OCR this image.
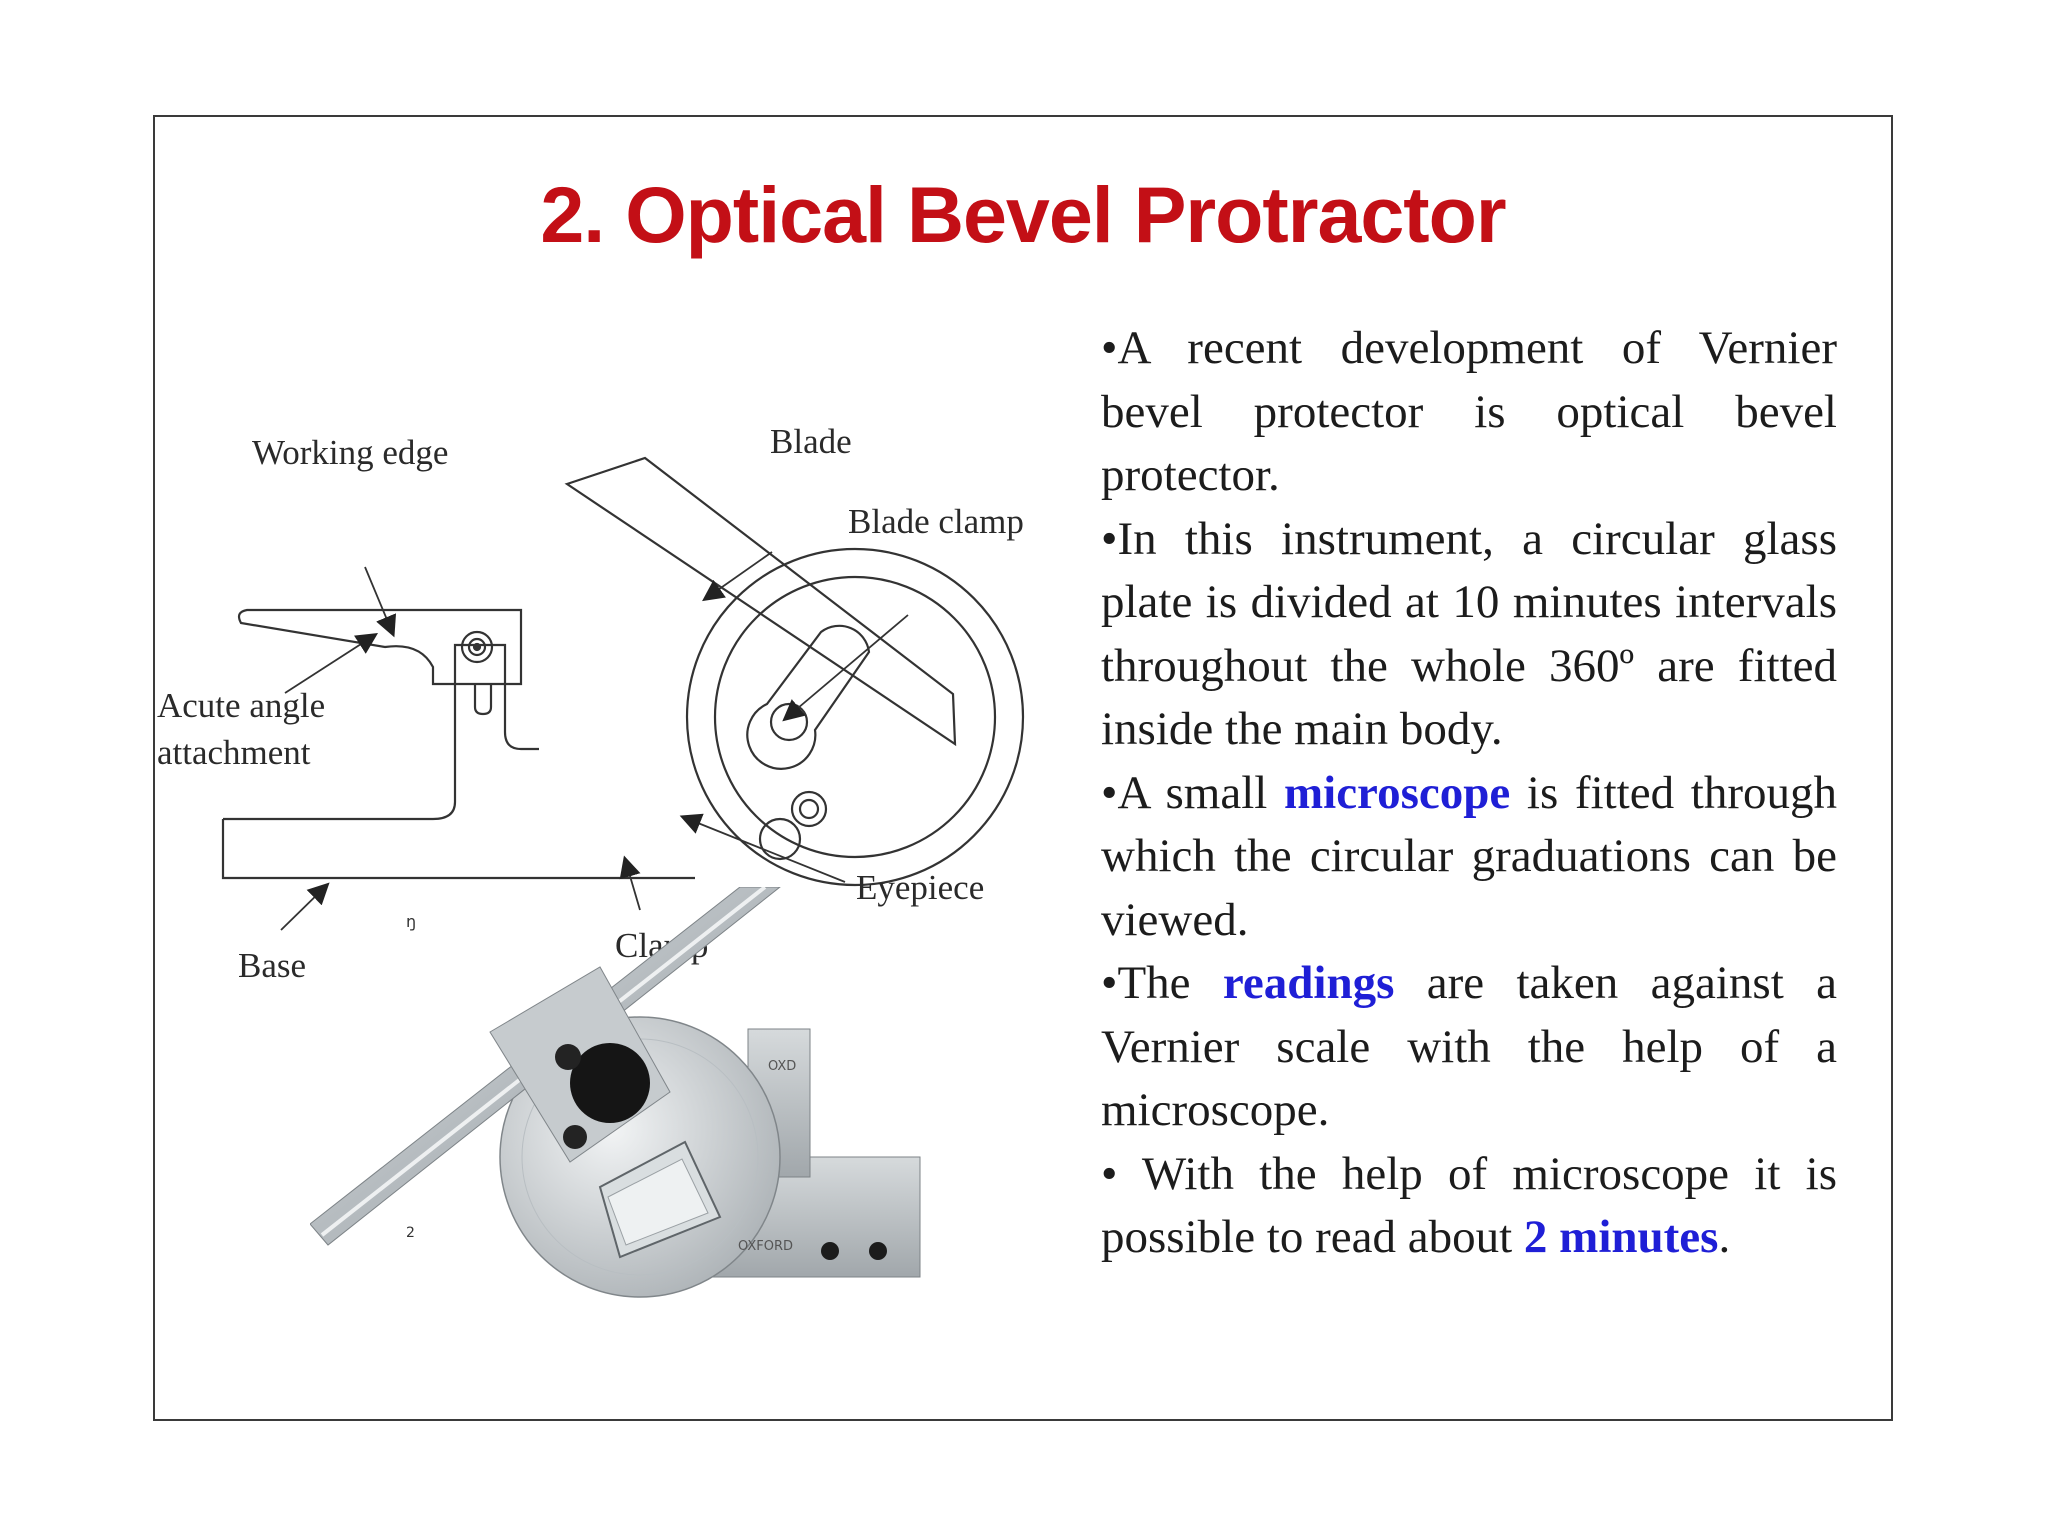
2. Optical Bevel Protractor
Working edge	Blade
Blade clamp
Acute angle
attachment
Eyepiece
Base
Clamp
ŋ
2
OXD
OXFORD

•A recent development of Vernier bevel protector is optical bevel protector.

•In this instrument, a circular glass plate is divided at 10 minutes intervals throughout the whole 360º are fitted inside the main body.

•A small microscope is fitted through which the circular graduations can be viewed.

•The readings are taken against a Vernier scale with the help of a microscope.

• With the help of microscope it is possible to read about 2 minutes.
